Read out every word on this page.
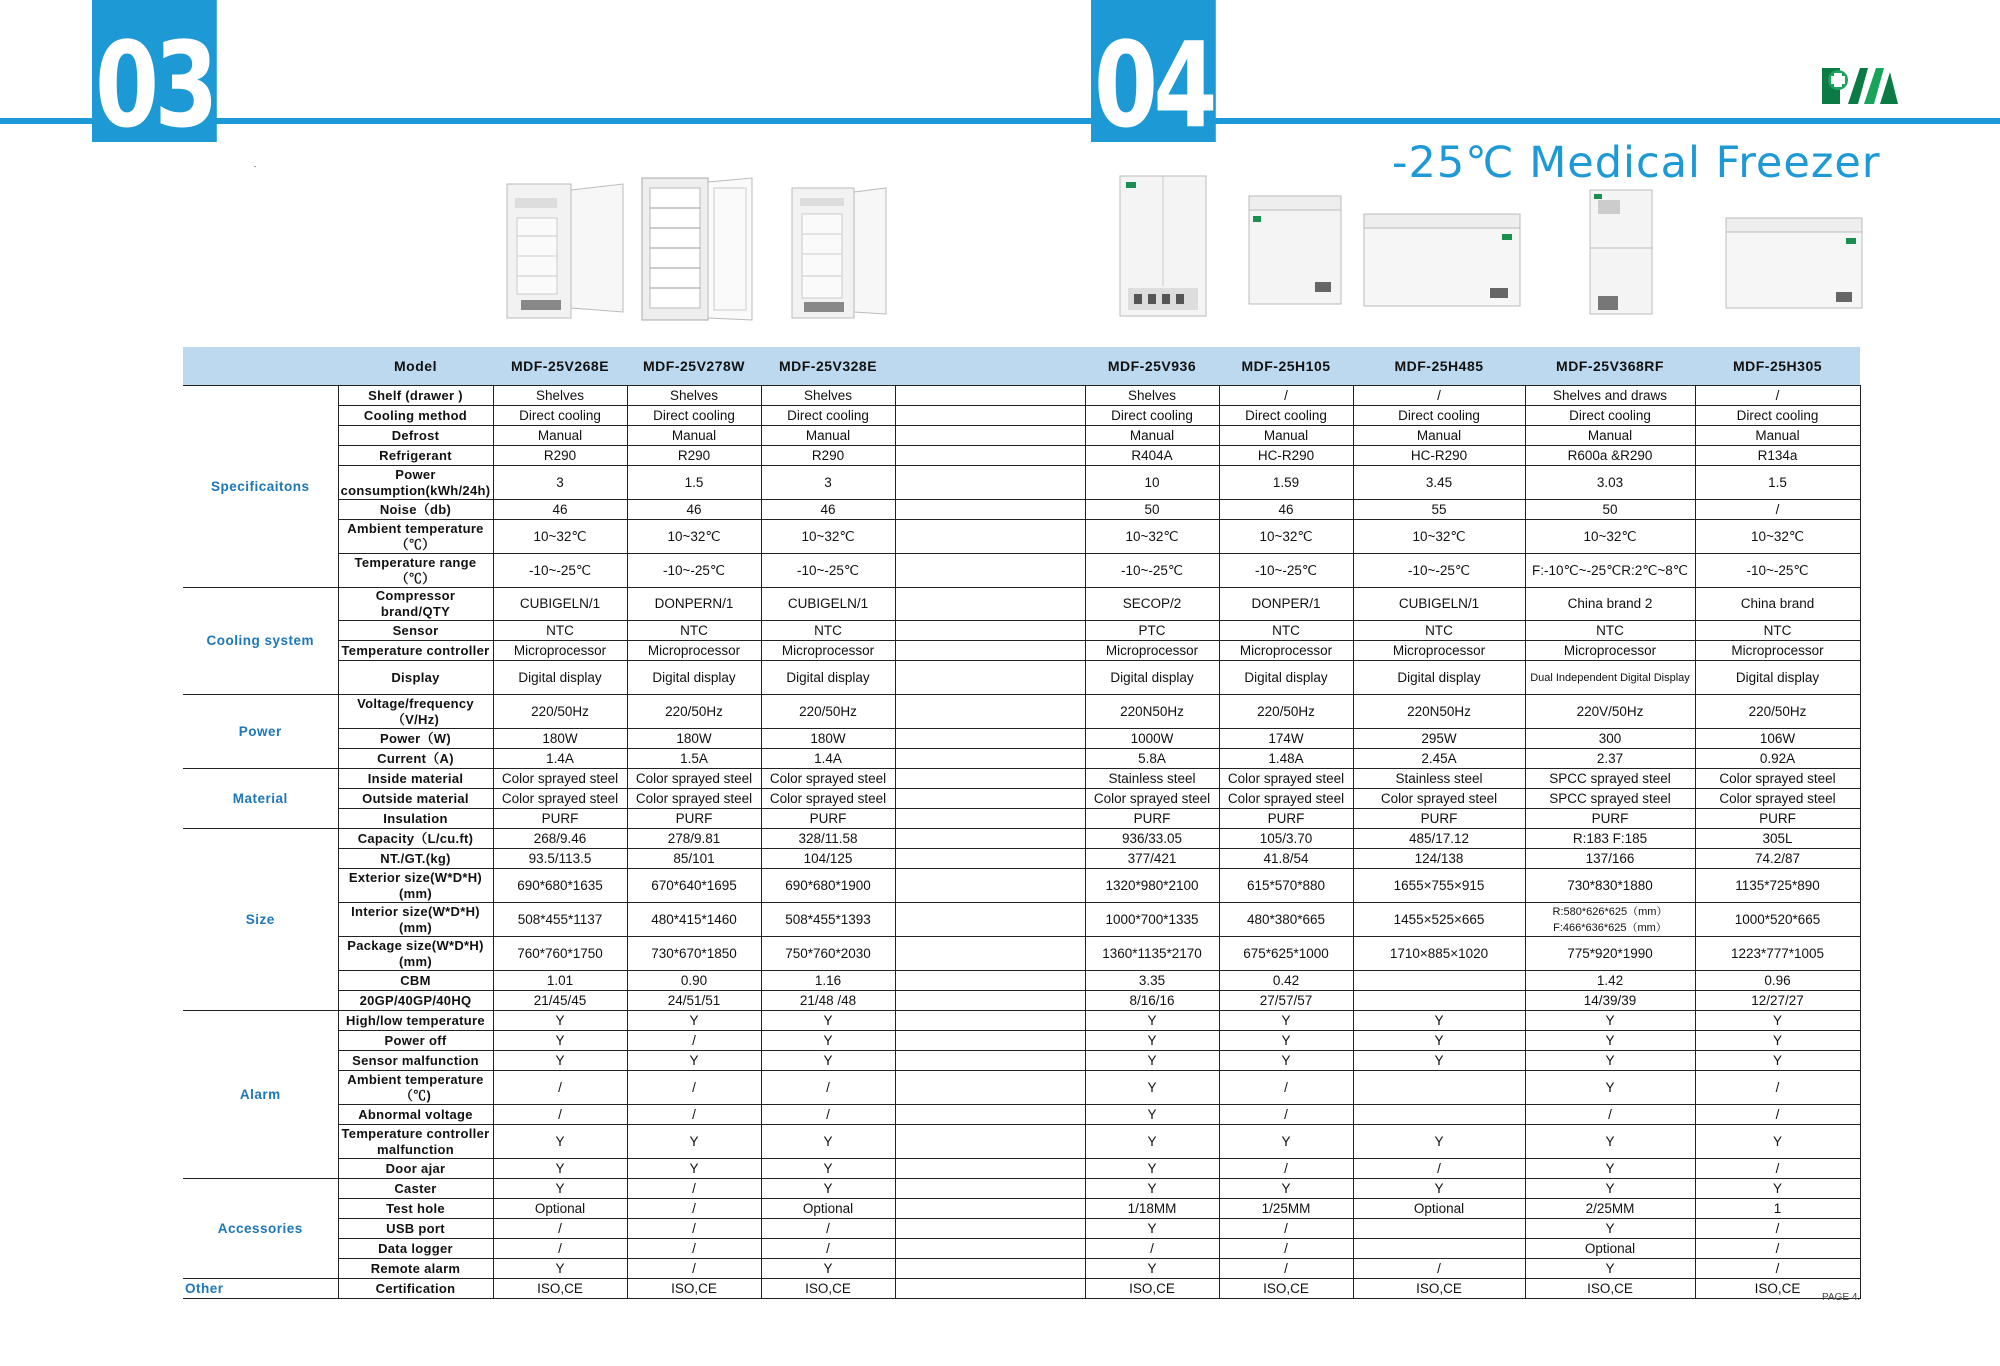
03	04
-25℃ Medical Freezer
	Model	MDF-25V268E	MDF-25V278W	MDF-25V328E		MDF-25V936	MDF-25H105	MDF-25H485	MDF-25V368RF	MDF-25H305
Specificaitons	Shelf (drawer )	Shelves	Shelves	Shelves		Shelves	/	/	Shelves and draws	/
	Cooling method	Direct cooling	Direct cooling	Direct cooling		Direct cooling	Direct cooling	Direct cooling	Direct cooling	Direct cooling
	Defrost	Manual	Manual	Manual		Manual	Manual	Manual	Manual	Manual
	Refrigerant	R290	R290	R290		R404A	HC-R290	HC-R290	R600a &R290	R134a
	Power consumption(kWh/24h)	3	1.5	3		10	1.59	3.45	3.03	1.5
	Noise（db)	46	46	46		50	46	55	50	/
	Ambient temperature （℃）	10~32℃	10~32℃	10~32℃		10~32℃	10~32℃	10~32℃	10~32℃	10~32℃
	Temperature range （℃）	-10~-25℃	-10~-25℃	-10~-25℃		-10~-25℃	-10~-25℃	-10~-25℃	F:-10℃~-25℃R:2℃~8℃	-10~-25℃
Cooling system	Compressor brand/QTY	CUBIGELN/1	DONPERN/1	CUBIGELN/1		SECOP/2	DONPER/1	CUBIGELN/1	China brand 2	China brand
	Sensor	NTC	NTC	NTC		PTC	NTC	NTC	NTC	NTC
	Temperature controller	Microprocessor	Microprocessor	Microprocessor		Microprocessor	Microprocessor	Microprocessor	Microprocessor	Microprocessor
	Display	Digital display	Digital display	Digital display		Digital display	Digital display	Digital display	Dual Independent Digital Display	Digital display
Power	Voltage/frequency （V/Hz)	220/50Hz	220/50Hz	220/50Hz		220N50Hz	220/50Hz	220N50Hz	220V/50Hz	220/50Hz
	Power（W)	180W	180W	180W		1000W	174W	295W	300	106W
	Current（A)	1.4A	1.5A	1.4A		5.8A	1.48A	2.45A	2.37	0.92A
Material	Inside material	Color sprayed steel	Color sprayed steel	Color sprayed steel		Stainless steel	Color sprayed steel	Stainless steel	SPCC sprayed steel	Color sprayed steel
	Outside material	Color sprayed steel	Color sprayed steel	Color sprayed steel		Color sprayed steel	Color sprayed steel	Color sprayed steel	SPCC sprayed steel	Color sprayed steel
	Insulation	PURF	PURF	PURF		PURF	PURF	PURF	PURF	PURF
Size	Capacity（L/cu.ft)	268/9.46	278/9.81	328/11.58		936/33.05	105/3.70	485/17.12	R:183 F:185	305L
	NT./GT.(kg)	93.5/113.5	85/101	104/125		377/421	41.8/54	124/138	137/166	74.2/87
	Exterior size(W*D*H)(mm)	690*680*1635	670*640*1695	690*680*1900		1320*980*2100	615*570*880	1655×755×915	730*830*1880	1135*725*890
	Interior size(W*D*H)(mm)	508*455*1137	480*415*1460	508*455*1393		1000*700*1335	480*380*665	1455×525×665	R:580*626*625（mm） F:466*636*625（mm）	1000*520*665
	Package size(W*D*H)(mm)	760*760*1750	730*670*1850	750*760*2030		1360*1135*2170	675*625*1000	1710×885×1020	775*920*1990	1223*777*1005
	CBM	1.01	0.90	1.16		3.35	0.42		1.42	0.96
	20GP/40GP/40HQ	21/45/45	24/51/51	21/48 /48		8/16/16	27/57/57		14/39/39	12/27/27
Alarm	High/low temperature	Y	Y	Y		Y	Y	Y	Y	Y
	Power off	Y	/	Y		Y	Y	Y	Y	Y
	Sensor malfunction	Y	Y	Y		Y	Y	Y	Y	Y
	Ambient temperature （℃)	/	/	/		Y	/		Y	/
	Abnormal voltage	/	/	/		Y	/		/	/
	Temperature controller malfunction	Y	Y	Y		Y	Y	Y	Y	Y
	Door ajar	Y	Y	Y		Y	/	/	Y	/
Accessories	Caster	Y	/	Y		Y	Y	Y	Y	Y
	Test hole	Optional	/	Optional		1/18MM	1/25MM	Optional	2/25MM	1
	USB port	/	/	/		Y	/		Y	/
	Data logger	/	/	/		/	/		Optional	/
	Remote alarm	Y	/	Y		Y	/	/	Y	/
Other	Certification	ISO,CE	ISO,CE	ISO,CE		ISO,CE	ISO,CE	ISO,CE	ISO,CE	ISO,CE
PAGE 4.
